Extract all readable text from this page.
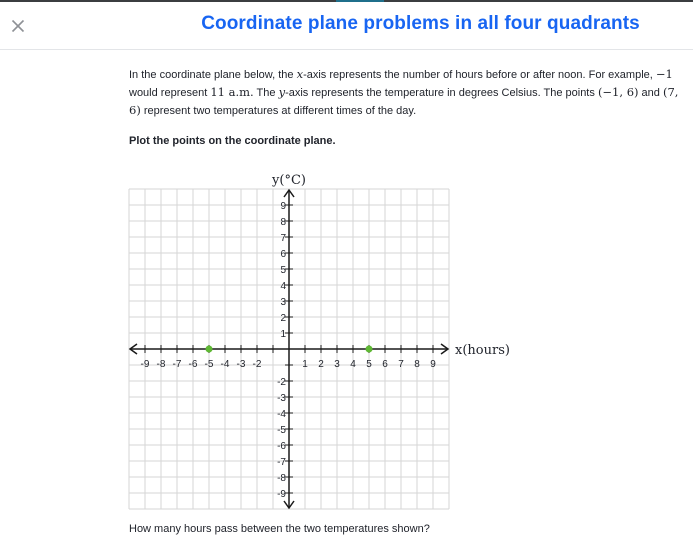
Coordinate plane problems in all four quadrants

In the coordinate plane below, the x-axis represents the number of hours before or after noon. For example, −1 would represent 11 a.m. The y-axis represents the temperature in degrees Celsius. The points (−1, 6) and (7, 6) represent two temperatures at different times of the day.

Plot the points on the coordinate plane.

-9 -8 -7 -6 -5 -4 -3 -2	1 2 3 4 5 6 7 8 9
9
8
7
6
5
4
3
2
1
-2
-3
-4
-5
-6
-7
-8
-9
x(hours)
y(°C)
How many hours pass between the two temperatures shown?
